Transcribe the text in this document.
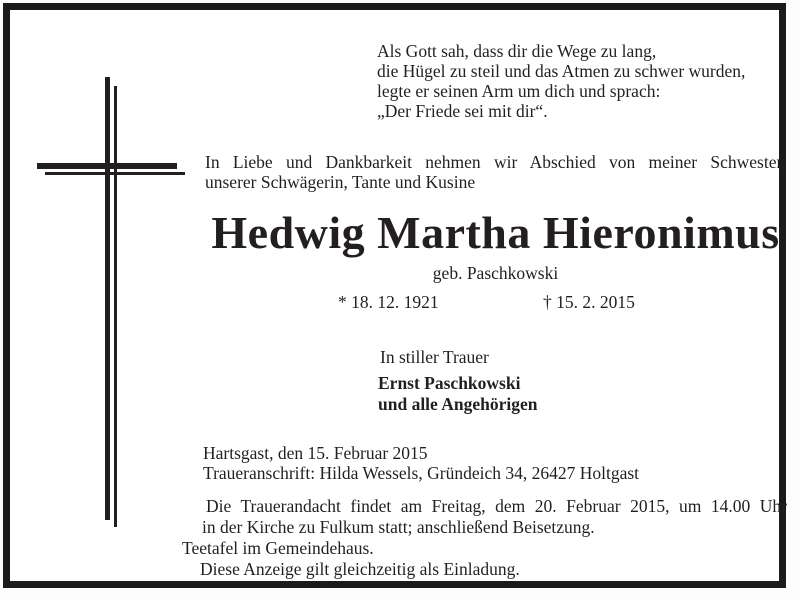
Als Gott sah, dass dir die Wege zu lang,
die Hügel zu steil und das Atmen zu schwer wurden,
legte er seinen Arm um dich und sprach:
„Der Friede sei mit dir“.
In Liebe und Dankbarkeit nehmen wir Abschied von meiner Schwester,
unserer Schwägerin, Tante und Kusine
Hedwig Martha Hieronimus
geb. Paschkowski
* 18. 12. 1921	† 15. 2. 2015
In stiller Trauer
Ernst Paschkowski
und alle Angehörigen
Hartsgast, den 15. Februar 2015
Traueranschrift: Hilda Wessels, Gründeich 34, 26427 Holtgast
Die Trauerandacht findet am Freitag, dem 20. Februar 2015, um 14.00 Uhr
in der Kirche zu Fulkum statt; anschließend Beisetzung.
Teetafel im Gemeindehaus.
Diese Anzeige gilt gleichzeitig als Einladung.
